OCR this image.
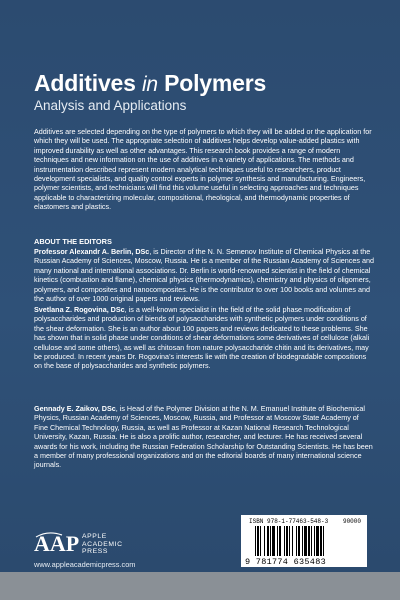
Additives in Polymers
Analysis and Applications

Additives are selected depending on the type of polymers to which they will be added or the application for which they will be used. The appropriate selection of additives helps develop value-added plastics with improved durability as well as other advantages. This research book provides a range of modern techniques and new information on the use of additives in a variety of applications. The methods and instrumentation described represent modern analytical techniques useful to researchers, product development specialists, and quality control experts in polymer synthesis and manufacturing. Engineers, polymer scientists, and technicians will find this volume useful in selecting approaches and techniques applicable to characterizing molecular, compositional, rheological, and thermodynamic properties of elastomers and plastics.

ABOUT THE EDITORS

Professor Alexandr A. Berlin, DSc, is Director of the N. N. Semenov Institute of Chemical Physics at the Russian Academy of Sciences, Moscow, Russia. He is a member of the Russian Academy of Sciences and many national and international associations. Dr. Berlin is world-renowned scientist in the field of chemical kinetics (combustion and flame), chemical physics (thermodynamics), chemistry and physics of oligomers, polymers, and composites and nanocomposites. He is the contributor to over 100 books and volumes and the author of over 1000 original papers and reviews.

Svetlana Z. Rogovina, DSc, is a well-known specialist in the field of the solid phase modification of polysaccharides and production of biends of polysaccharides with synthetic polymers under conditions of the shear deformation. She is an author about 100 papers and reviews dedicated to these problems. She has shown that in solid phase under conditions of shear deformations some derivatives of cellulose (alkali cellulose and some others), as well as chitosan from nature polysaccharide chitin and its derivatives, may be produced. In recent years Dr. Rogovina’s interests lie with the creation of biodegradable compositions on the base of polysaccharides and synthetic polymers.

Gennady E. Zaikov, DSc, is Head of the Polymer Division at the N. M. Emanuel Institute of Biochemical Physics, Russian Academy of Sciences, Moscow, Russia, and Professor at Moscow State Academy of Fine Chemical Technology, Russia, as well as Professor at Kazan National Research Technological University, Kazan, Russia. He is also a prolific author, researcher, and lecturer. He has received several awards for his work, including the Russian Federation Scholarship for Outstanding Scientists. He has been a member of many professional organizations and on the editorial boards of many international science journals.

AAP APPLE
ACADEMIC
PRESS

www.appleacademicpress.com
ISBN 978-1-77463-548-3 90000
9 781774 635483
